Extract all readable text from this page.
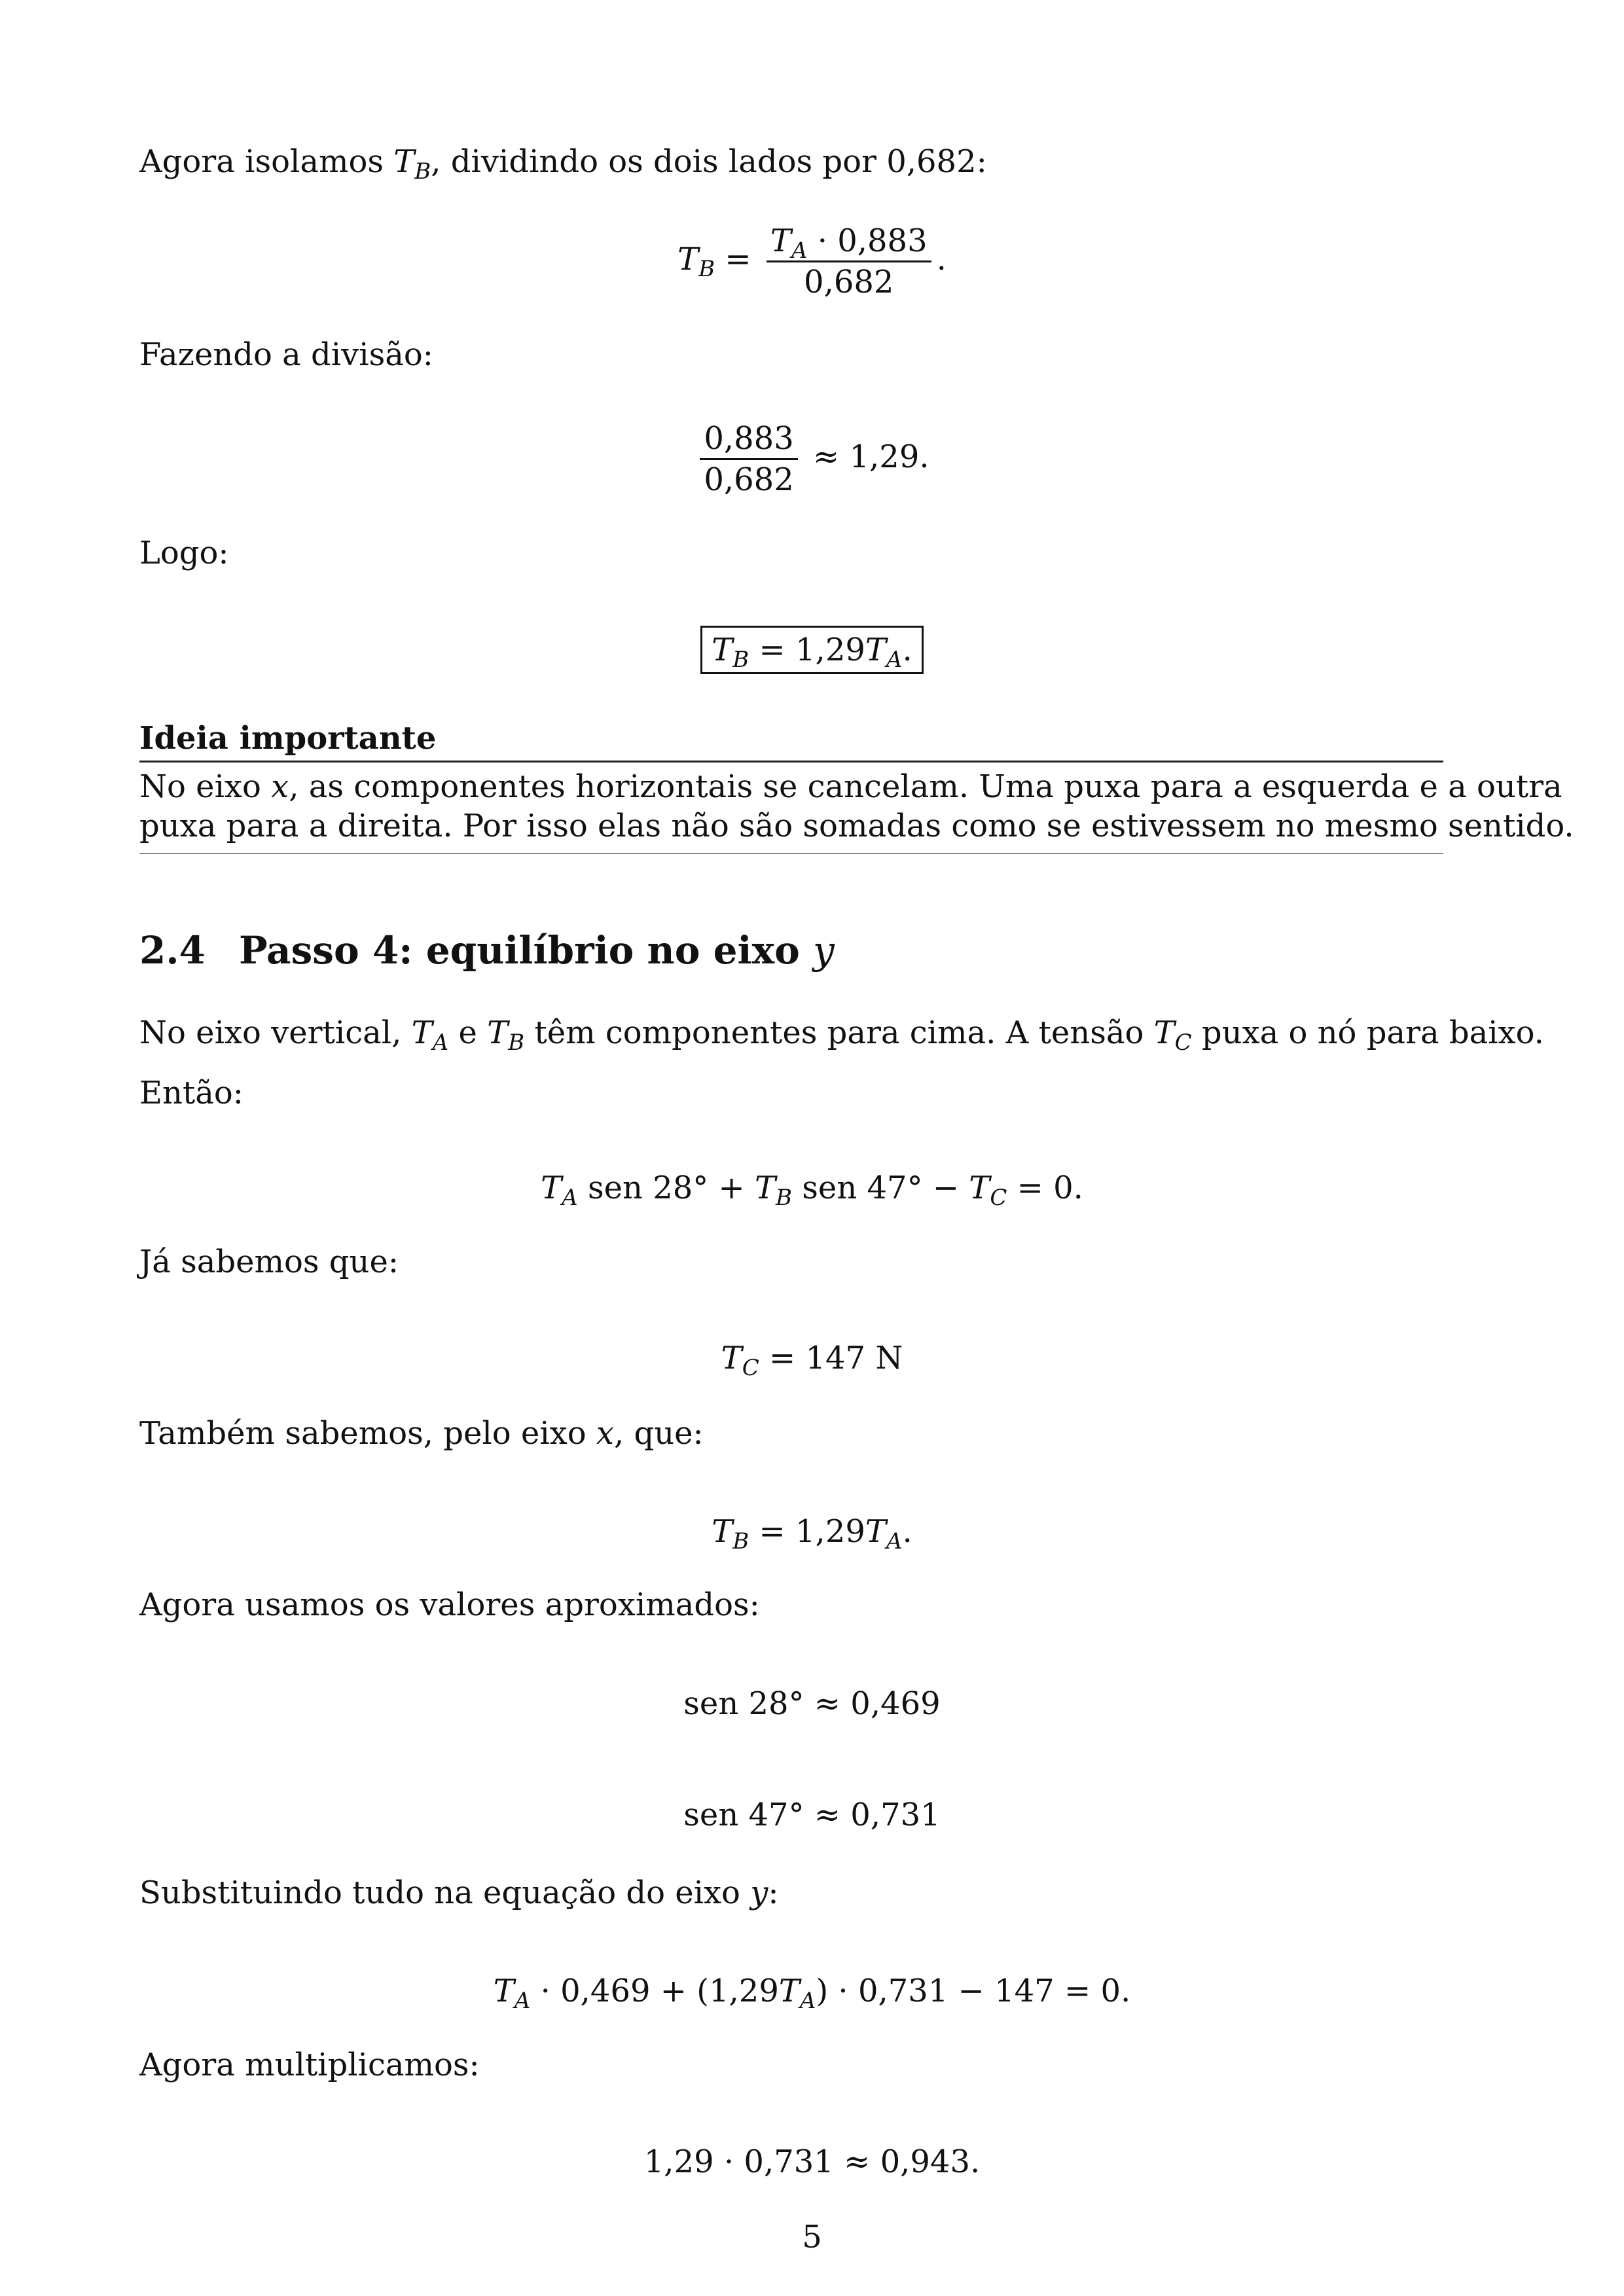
Agora isolamos $T_B$, dividindo os dois lados por 0,682:
$T_B = \frac{T_A \cdot 0,883}{0,682}$ .
Fazendo a divisão:
$\frac{0,883}{0,682} \approx 1,29$.
Logo:
$T_B = 1,29T_A$.
Ideia importante
No eixo x, as componentes horizontais se cancelam. Uma puxa para a esquerda e a outra
puxa para a direita. Por isso elas não são somadas como se estivessem no mesmo sentido.
2.4 Passo 4: equilíbrio no eixo y
No eixo vertical, $T_A$ e $T_B$ têm componentes para cima. A tensão $T_C$ puxa o nó para baixo.
Então:
$T_A$ sen $28^\circ + T_B$ sen $47^\circ - T_C = 0$.
Já sabemos que:
$T_C = 147$ N
Também sabemos, pelo eixo x, que:
$T_B = 1,29T_A$.
Agora usamos os valores aproximados:
sen 28° ≈ 0,469
sen 47° ≈ 0,731
Substituindo tudo na equação do eixo y:
$T_A \cdot 0,469 + (1,29T_A) \cdot 0,731 - 147 = 0$.
Agora multiplicamos:
1,29 · 0,731 ≈ 0,943.
5
